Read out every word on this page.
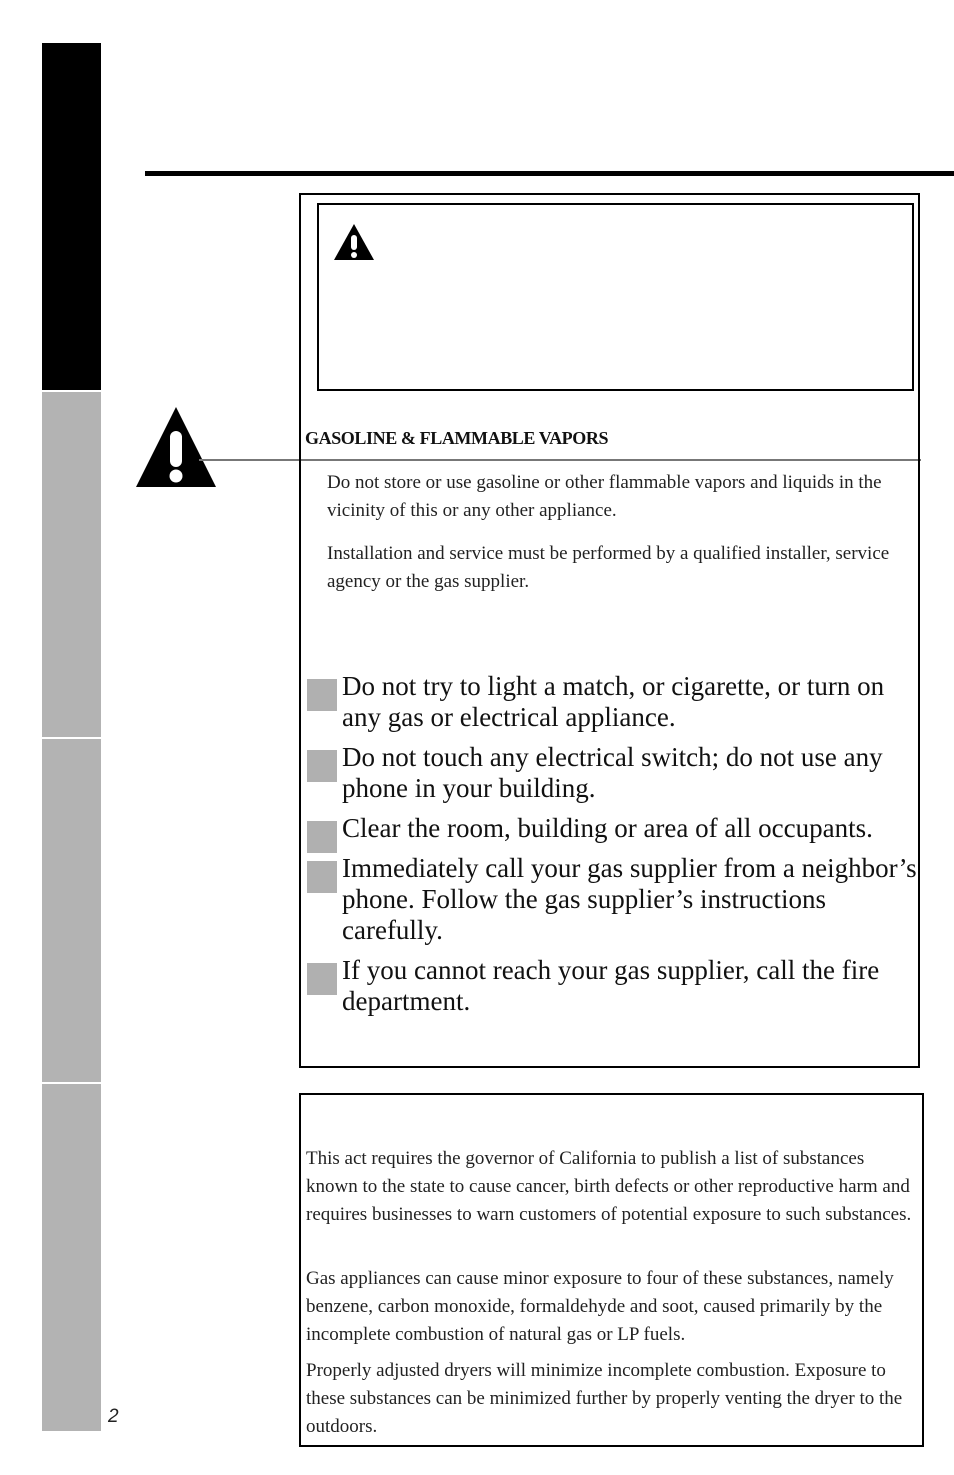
2
GASOLINE & FLAMMABLE VAPORS

Do not store or use gasoline or other flammable vapors and liquids in the vicinity of this or any other appliance.

Installation and service must be performed by a qualified installer, service agency or the gas supplier.

Do not try to light a match, or cigarette, or turn on any gas or electrical appliance.
Do not touch any electrical switch; do not use any phone in your building.
Clear the room, building or area of all occupants.
Immediately call your gas supplier from a neighbor’s phone. Follow the gas supplier’s instructions carefully.
If you cannot reach your gas supplier, call the fire department.

This act requires the governor of California to publish a list of substances known to the state to cause cancer, birth defects or other reproductive harm and requires businesses to warn customers of potential exposure to such substances.

Gas appliances can cause minor exposure to four of these substances, namely benzene, carbon monoxide, formaldehyde and soot, caused primarily by the incomplete combustion of natural gas or LP fuels.

Properly adjusted dryers will minimize incomplete combustion. Exposure to these substances can be minimized further by properly venting the dryer to the outdoors.
